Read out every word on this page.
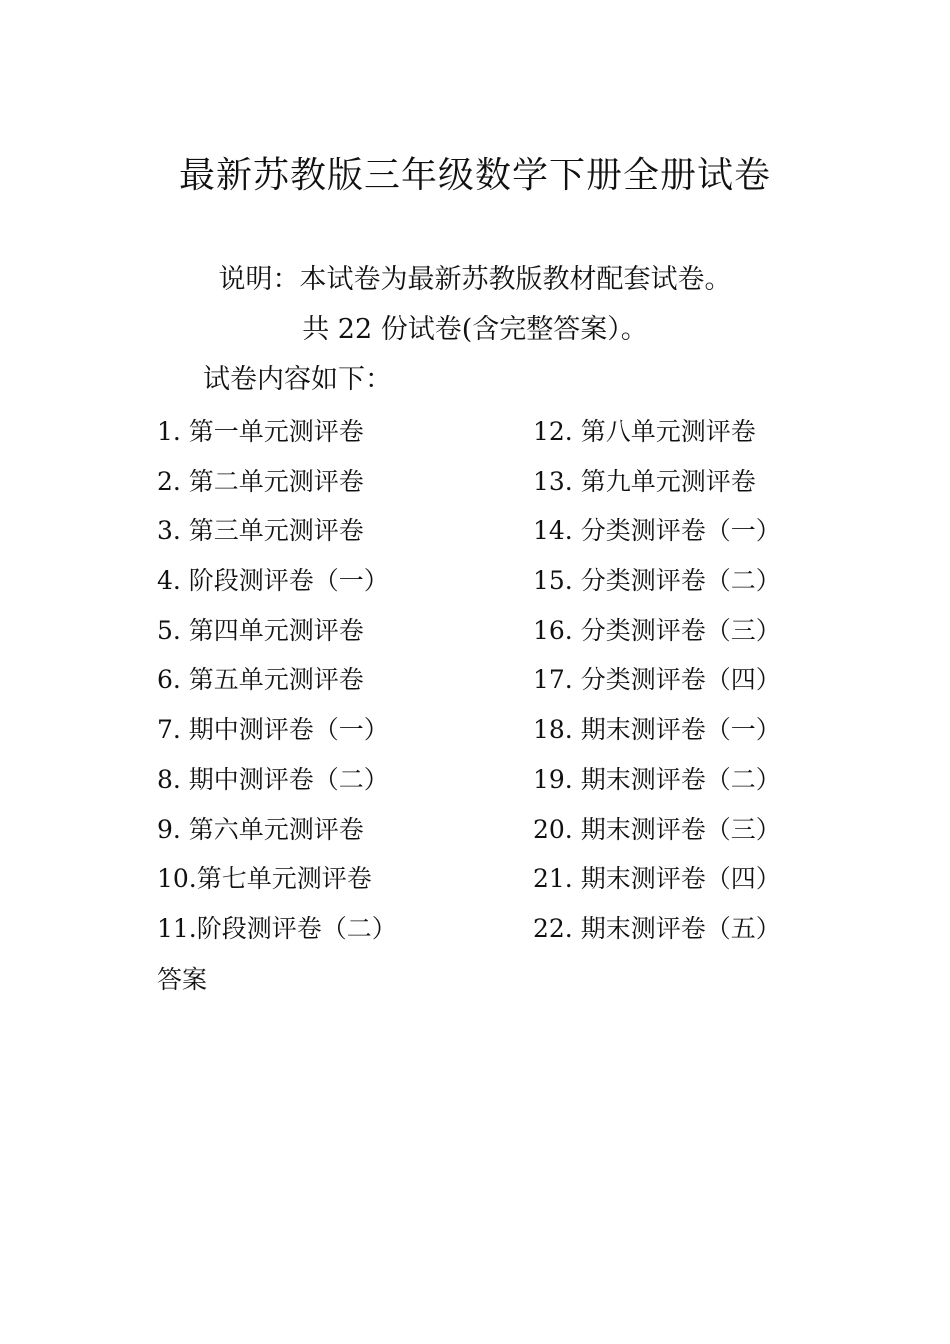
最新苏教版三年级数学下册全册试卷
说明：本试卷为最新苏教版教材配套试卷。
共 22 份试卷(含完整答案）。
试卷内容如下：
1. 第一单元测评卷
2. 第二单元测评卷
3. 第三单元测评卷
4. 阶段测评卷（一）
5. 第四单元测评卷
6. 第五单元测评卷
7. 期中测评卷（一）
8. 期中测评卷（二）
9. 第六单元测评卷
10.第七单元测评卷
11.阶段测评卷（二）
12. 第八单元测评卷
13. 第九单元测评卷
14. 分类测评卷（一）
15. 分类测评卷（二）
16. 分类测评卷（三）
17. 分类测评卷（四）
18. 期末测评卷（一）
19. 期末测评卷（二）
20. 期末测评卷（三）
21. 期末测评卷（四）
22. 期末测评卷（五）
答案
